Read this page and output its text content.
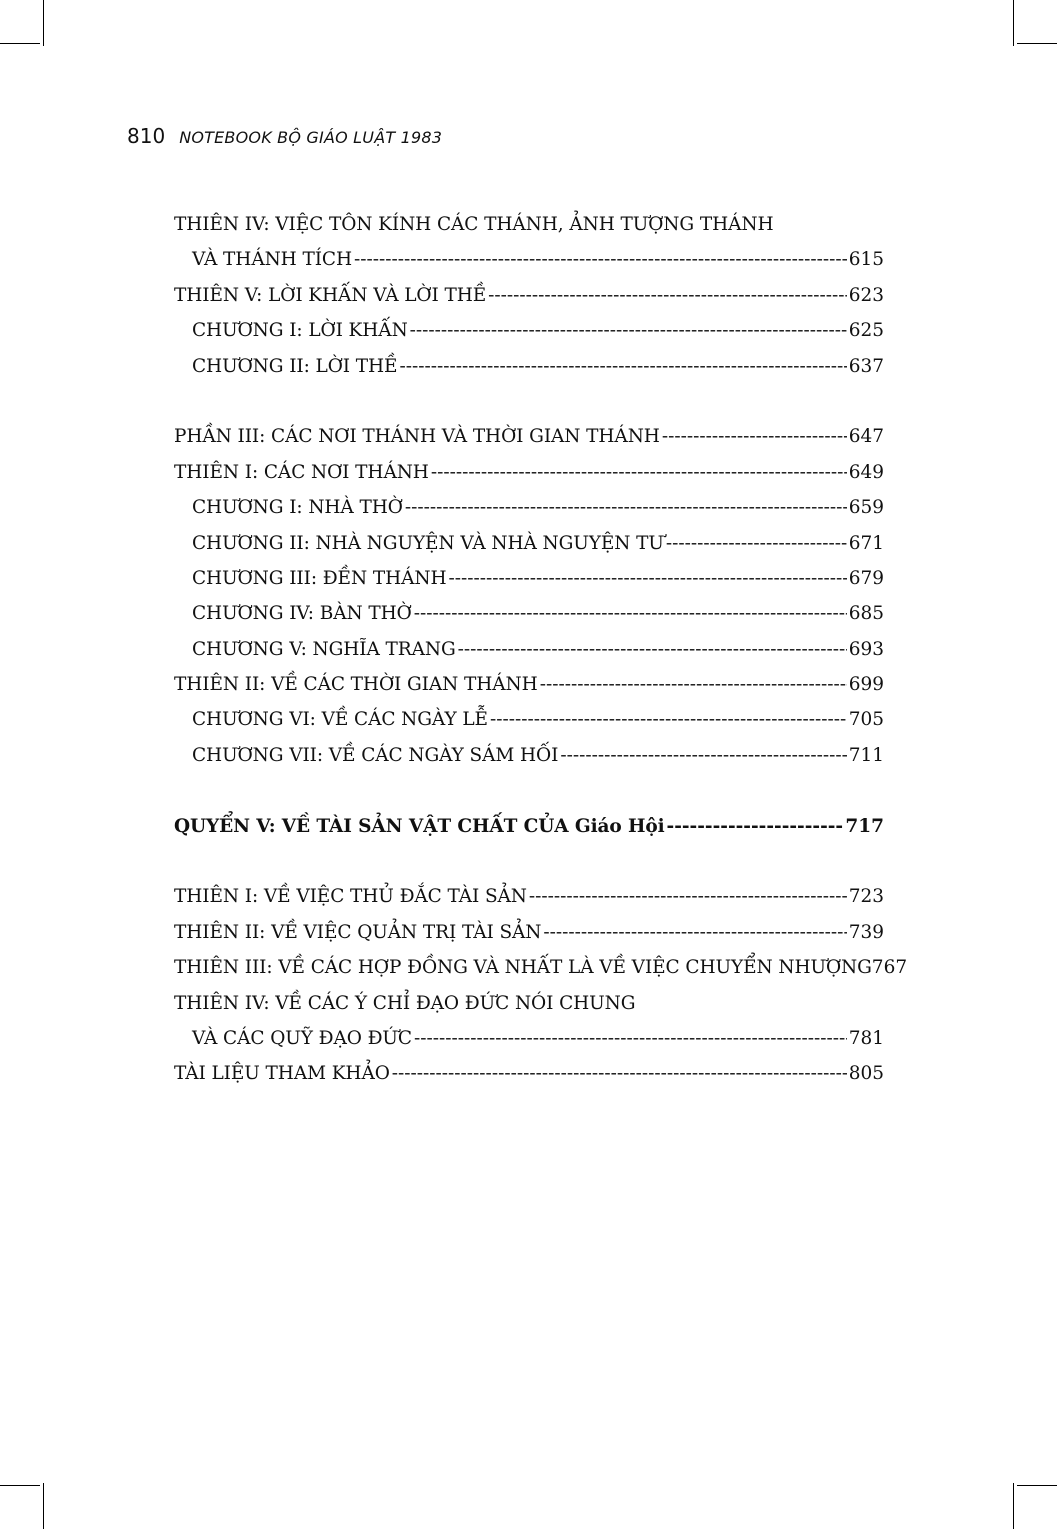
810 NOTEBOOK BỘ GIÁO LUẬT 1983
THIÊN IV: VIỆC TÔN KÍNH CÁC THÁNH, ẢNH TƯỢNG THÁNH
VÀ THÁNH TÍCH -----	615
THIÊN V: LỜI KHẤN VÀ LỜI THỀ -----	623
CHƯƠNG I: LỜI KHẤN -----	625
CHƯƠNG II: LỜI THỀ -----	637
PHẦN III: CÁC NƠI THÁNH VÀ THỜI GIAN THÁNH -----	647
THIÊN I: CÁC NƠI THÁNH -----	649
CHƯƠNG I: NHÀ THỜ -----	659
CHƯƠNG II: NHÀ NGUYỆN VÀ NHÀ NGUYỆN TƯ -----	671
CHƯƠNG III: ĐỀN THÁNH -----	679
CHƯƠNG IV: BÀN THỜ -----	685
CHƯƠNG V: NGHĨA TRANG -----	693
THIÊN II: VỀ CÁC THỜI GIAN THÁNH -----	699
CHƯƠNG VI: VỀ CÁC NGÀY LỄ -----	705
CHƯƠNG VII: VỀ CÁC NGÀY SÁM HỐI -----	711
QUYỂN V: VỀ TÀI SẢN VẬT CHẤT CỦA Giáo Hội -----	717
THIÊN I: VỀ VIỆC THỦ ĐẮC TÀI SẢN -----	723
THIÊN II: VỀ VIỆC QUẢN TRỊ TÀI SẢN -----	739
THIÊN III: VỀ CÁC HỢP ĐỒNG VÀ NHẤT LÀ VỀ VIỆC CHUYỂN NHƯỢNG 767
THIÊN IV: VỀ CÁC Ý CHỈ ĐẠO ĐỨC NÓI CHUNG
VÀ CÁC QUỸ ĐẠO ĐỨC -----	781
TÀI LIỆU THAM KHẢO -----	805
